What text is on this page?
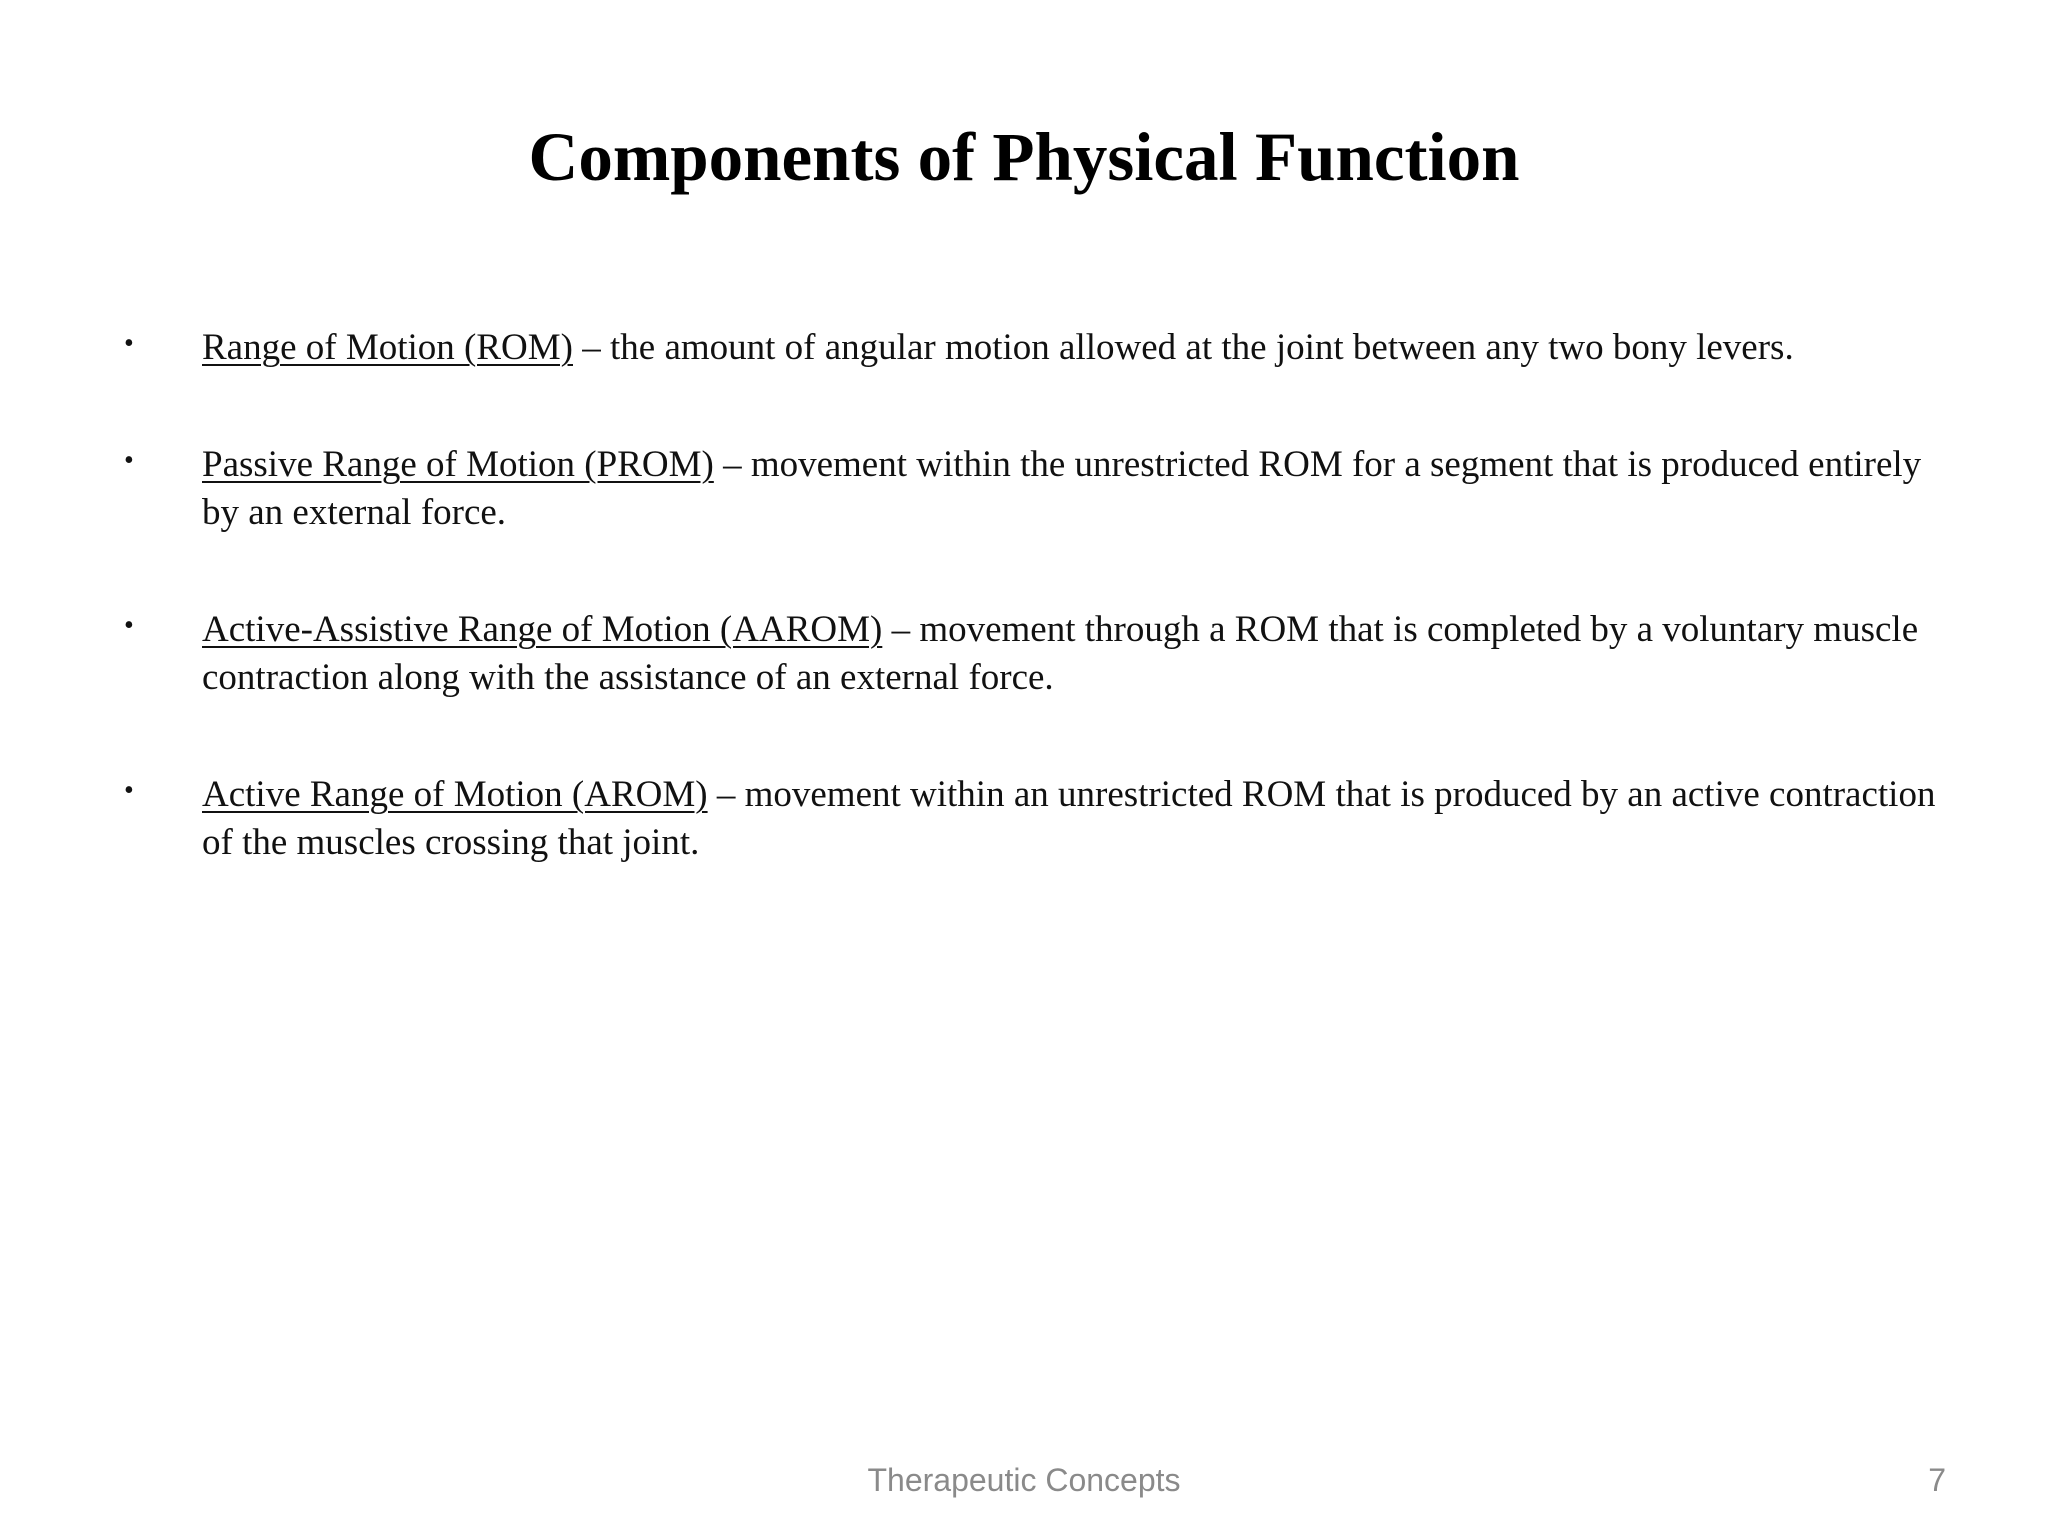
Components of Physical Function
•	Range of Motion (ROM) – the amount of angular motion allowed at the joint between any two bony levers.
•	Passive Range of Motion (PROM) – movement within the unrestricted ROM for a segment that is produced entirely by an external force.
•	Active-Assistive Range of Motion (AAROM) – movement through a ROM that is completed by a voluntary muscle contraction along with the assistance of an external force.
•	Active Range of Motion (AROM) – movement within an unrestricted ROM that is produced by an active contraction of the muscles crossing that joint.
Therapeutic Concepts	7
